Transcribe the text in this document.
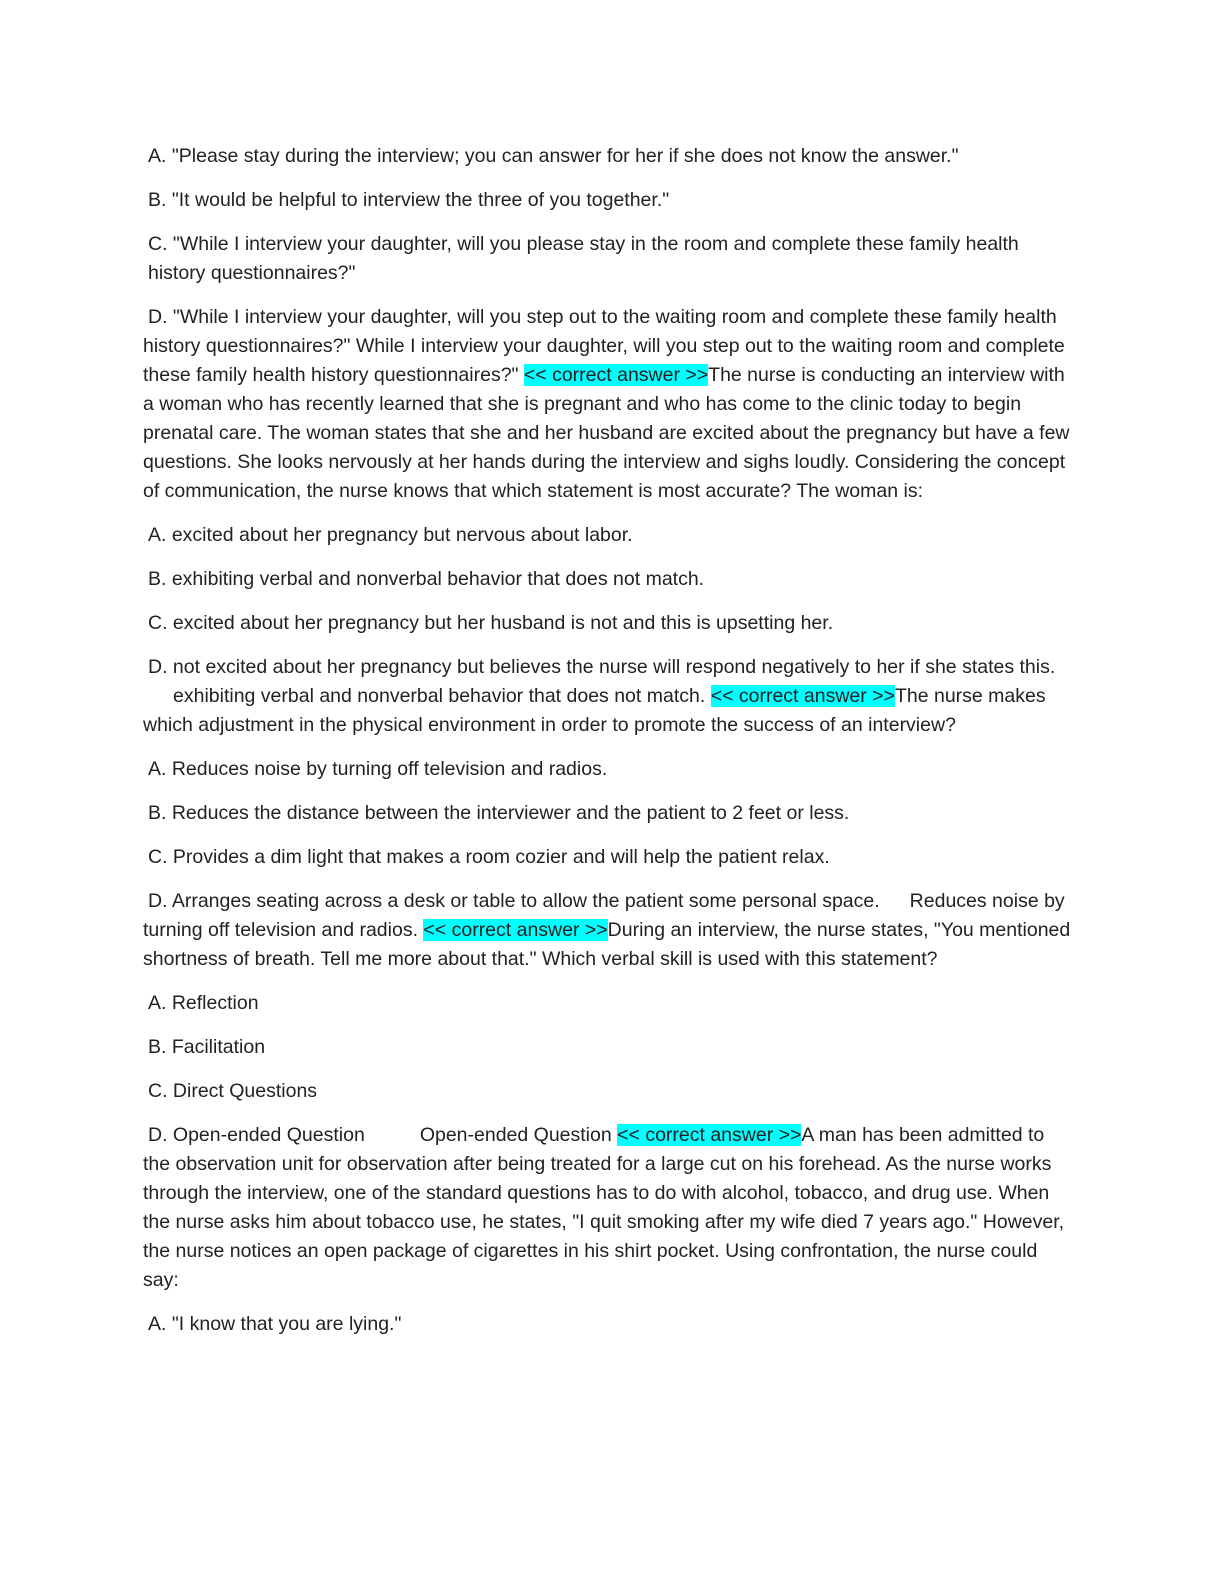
A. "Please stay during the interview; you can answer for her if she does not know the answer."

B. "It would be helpful to interview the three of you together."

C. "While I interview your daughter, will you please stay in the room and complete these family health history questionnaires?"

D. "While I interview your daughter, will you step out to the waiting room and complete these family health history questionnaires?" While I interview your daughter, will you step out to the waiting room and complete these family health history questionnaires?" << correct answer >>The nurse is conducting an interview with a woman who has recently learned that she is pregnant and who has come to the clinic today to begin prenatal care. The woman states that she and her husband are excited about the pregnancy but have a few questions. She looks nervously at her hands during the interview and sighs loudly. Considering the concept of communication, the nurse knows that which statement is most accurate? The woman is:

A. excited about her pregnancy but nervous about labor.

B. exhibiting verbal and nonverbal behavior that does not match.

C. excited about her pregnancy but her husband is not and this is upsetting her.

D. not excited about her pregnancy but believes the nurse will respond negatively to her if she states this.exhibiting verbal and nonverbal behavior that does not match. << correct answer >>The nurse makes which adjustment in the physical environment in order to promote the success of an interview?

A. Reduces noise by turning off television and radios.

B. Reduces the distance between the interviewer and the patient to 2 feet or less.

C. Provides a dim light that makes a room cozier and will help the patient relax.

D. Arranges seating across a desk or table to allow the patient some personal space. Reduces noise by turning off television and radios. << correct answer >>During an interview, the nurse states, "You mentioned shortness of breath. Tell me more about that." Which verbal skill is used with this statement?

A. Reflection

B. Facilitation

C. Direct Questions

D. Open-ended Question	Open-ended Question << correct answer >>A man has been admitted to the observation unit for observation after being treated for a large cut on his forehead. As the nurse works through the interview, one of the standard questions has to do with alcohol, tobacco, and drug use. When the nurse asks him about tobacco use, he states, "I quit smoking after my wife died 7 years ago." However, the nurse notices an open package of cigarettes in his shirt pocket. Using confrontation, the nurse could say:

A. "I know that you are lying."
